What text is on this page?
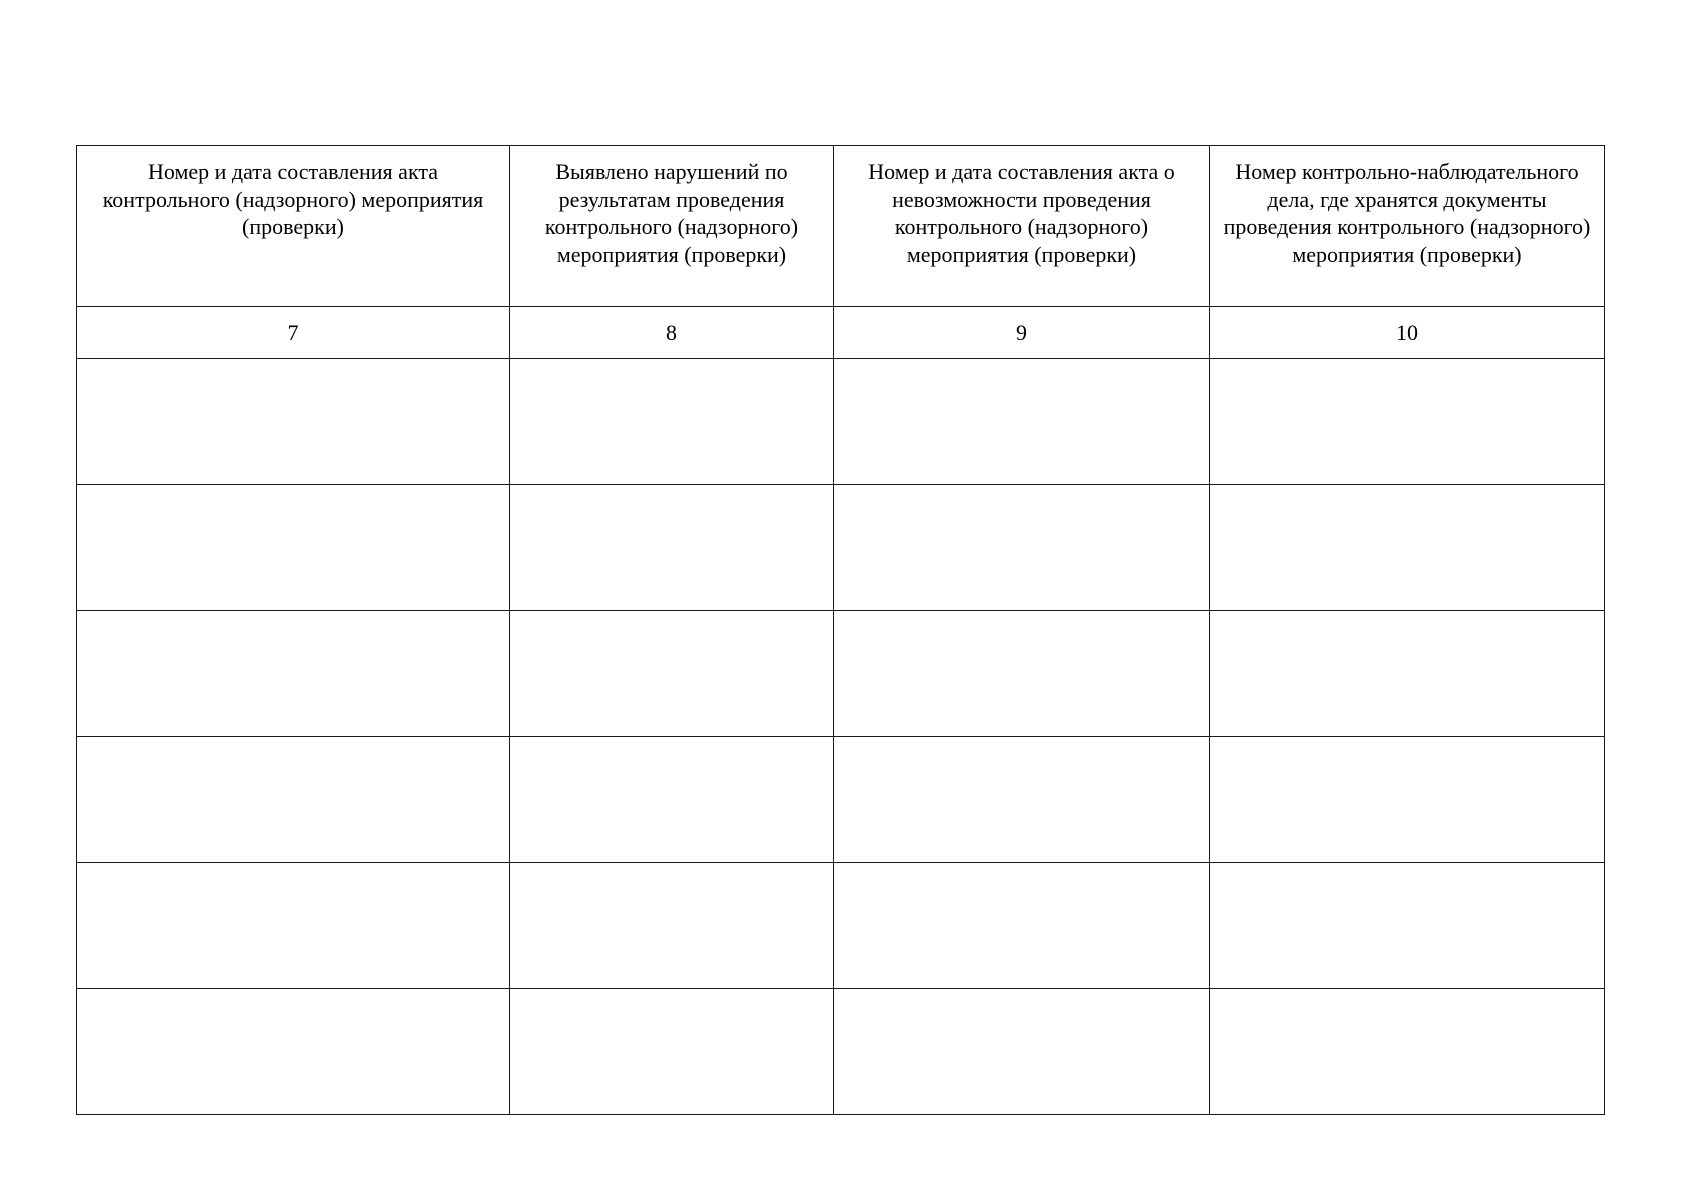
Номер и дата составления акта контрольного (надзорного) мероприятия (проверки)	Выявлено нарушений по результатам проведения контрольного (надзорного) мероприятия (проверки)	Номер и дата составления акта о невозможности проведения контрольного (надзорного) мероприятия (проверки)	Номер контрольно-наблюдательного дела, где хранятся документы проведения контрольного (надзорного) мероприятия (проверки)
7	8	9	10
